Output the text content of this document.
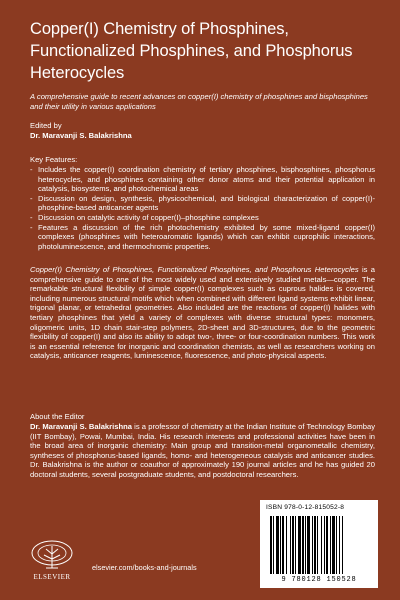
Copper(I) Chemistry of Phosphines, Functionalized Phosphines, and Phosphorus Heterocycles
A comprehensive guide to recent advances on copper(I) chemistry of phosphines and bisphosphines and their utility in various applications
Edited by
Dr. Maravanji S. Balakrishna
Key Features:
- Includes the copper(I) coordination chemistry of tertiary phosphines, bisphosphines, phosphorus heterocycles, and phosphines containing other donor atoms and their potential application in catalysis, biosystems, and photochemical areas
- Discussion on design, synthesis, physicochemical, and biological characterization of copper(I)-phosphine-based anticancer agents
- Discussion on catalytic activity of copper(I)–phosphine complexes
- Features a discussion of the rich photochemistry exhibited by some mixed-ligand copper(I) complexes (phosphines with heteroaromatic ligands) which can exhibit cuprophilic interactions, photoluminescence, and thermochromic properties.

Copper(I) Chemistry of Phosphines, Functionalized Phosphines, and Phosphorus Heterocycles is a comprehensive guide to one of the most widely used and extensively studied metals—copper. The remarkable structural flexibility of simple copper(I) complexes such as cuprous halides is covered, including numerous structural motifs which when combined with different ligand systems exhibit linear, trigonal planar, or tetrahedral geometries. Also included are the reactions of copper(I) halides with tertiary phosphines that yield a variety of complexes with diverse structural types: monomers, oligomeric units, 1D chain stair-step polymers, 2D-sheet and 3D-structures, due to the geometric flexibility of copper(I) and also its ability to adopt two-, three- or four-coordination numbers. This work is an essential reference for inorganic and coordination chemists, as well as researchers working on catalysis, anticancer reagents, luminescence, fluorescence, and photo-physical aspects.

About the Editor

Dr. Maravanji S. Balakrishna is a professor of chemistry at the Indian Institute of Technology Bombay (IIT Bombay), Powai, Mumbai, India. His research interests and professional activities have been in the broad area of inorganic chemistry: Main group and transition-metal organometallic chemistry, syntheses of phosphorus-based ligands, homo- and heterogeneous catalysis and anticancer studies. Dr. Balakrishna is the author or coauthor of approximately 190 journal articles and he has guided 20 doctoral students, several postgraduate students, and postdoctoral researchers.

ELSEVIER
elsevier.com/books-and-journals
ISBN 978-0-12-815052-8
9 780128 150528
